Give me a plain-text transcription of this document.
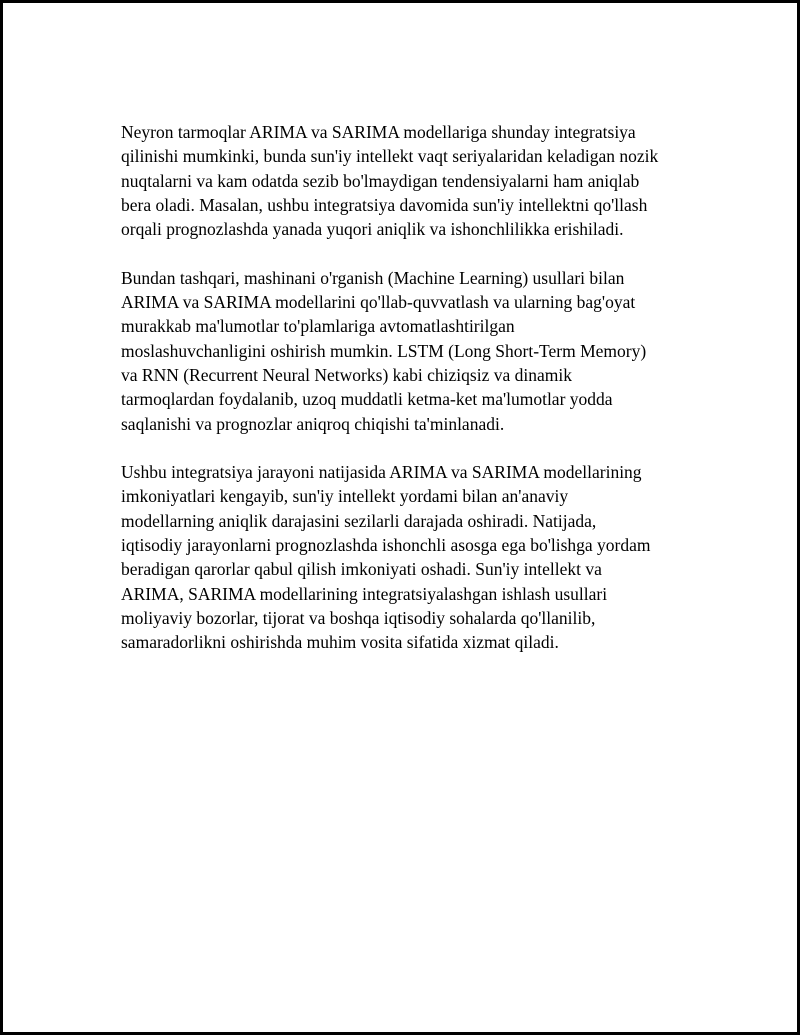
Neyron tarmoqlar ARIMA va SARIMA modellariga shunday integratsiya
qilinishi mumkinki, bunda sun'iy intellekt vaqt seriyalaridan keladigan nozik
nuqtalarni va kam odatda sezib bo'lmaydigan tendensiyalarni ham aniqlab
bera oladi. Masalan, ushbu integratsiya davomida sun'iy intellektni qo'llash
orqali prognozlashda yanada yuqori aniqlik va ishonchlilikka erishiladi.

Bundan tashqari, mashinani o'rganish (Machine Learning) usullari bilan
ARIMA va SARIMA modellarini qo'llab-quvvatlash va ularning bag'oyat
murakkab ma'lumotlar to'plamlariga avtomatlashtirilgan
moslashuvchanligini oshirish mumkin. LSTM (Long Short-Term Memory)
va RNN (Recurrent Neural Networks) kabi chiziqsiz va dinamik
tarmoqlardan foydalanib, uzoq muddatli ketma-ket ma'lumotlar yodda
saqlanishi va prognozlar aniqroq chiqishi ta'minlanadi.

Ushbu integratsiya jarayoni natijasida ARIMA va SARIMA modellarining
imkoniyatlari kengayib, sun'iy intellekt yordami bilan an'anaviy
modellarning aniqlik darajasini sezilarli darajada oshiradi. Natijada,
iqtisodiy jarayonlarni prognozlashda ishonchli asosga ega bo'lishga yordam
beradigan qarorlar qabul qilish imkoniyati oshadi. Sun'iy intellekt va
ARIMA, SARIMA modellarining integratsiyalashgan ishlash usullari
moliyaviy bozorlar, tijorat va boshqa iqtisodiy sohalarda qo'llanilib,
samaradorlikni oshirishda muhim vosita sifatida xizmat qiladi.
